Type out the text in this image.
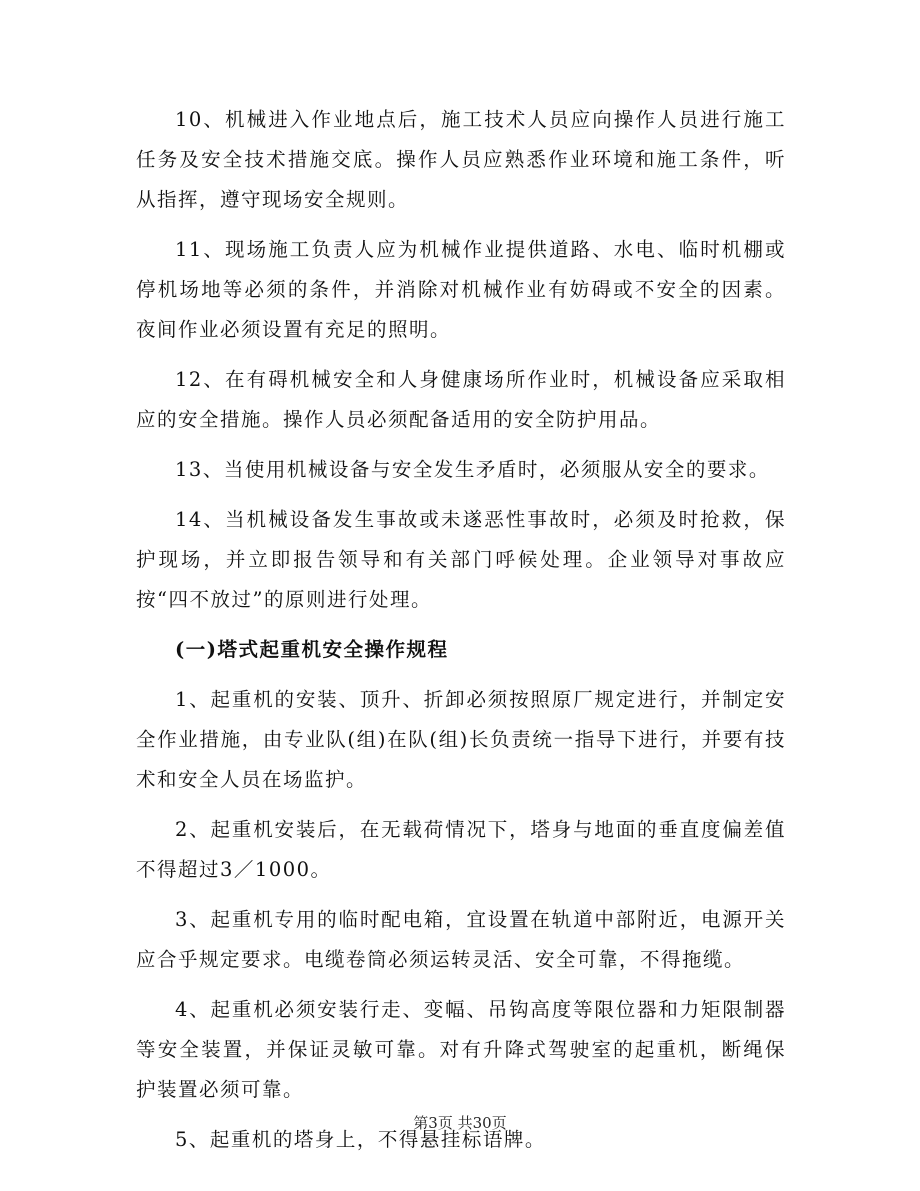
10、机械进入作业地点后，施工技术人员应向操作人员进行施工任务及安全技术措施交底。操作人员应熟悉作业环境和施工条件，听从指挥，遵守现场安全规则。

11、现场施工负责人应为机械作业提供道路、水电、临时机棚或停机场地等必须的条件，并消除对机械作业有妨碍或不安全的因素。夜间作业必须设置有充足的照明。

12、在有碍机械安全和人身健康场所作业时，机械设备应采取相应的安全措施。操作人员必须配备适用的安全防护用品。

13、当使用机械设备与安全发生矛盾时，必须服从安全的要求。

14、当机械设备发生事故或未遂恶性事故时，必须及时抢救，保护现场，并立即报告领导和有关部门呼候处理。企业领导对事故应按“四不放过”的原则进行处理。

(一)塔式起重机安全操作规程

1、起重机的安装、顶升、折卸必须按照原厂规定进行，并制定安全作业措施，由专业队(组)在队(组)长负责统一指导下进行，并要有技术和安全人员在场监护。

2、起重机安装后，在无载荷情况下，塔身与地面的垂直度偏差值不得超过3／1000。

3、起重机专用的临时配电箱，宜设置在轨道中部附近，电源开关应合乎规定要求。电缆卷筒必须运转灵活、安全可靠，不得拖缆。

4、起重机必须安装行走、变幅、吊钩高度等限位器和力矩限制器等安全装置，并保证灵敏可靠。对有升降式驾驶室的起重机，断绳保护装置必须可靠。

5、起重机的塔身上，不得悬挂标语牌。

第3页 共30页
